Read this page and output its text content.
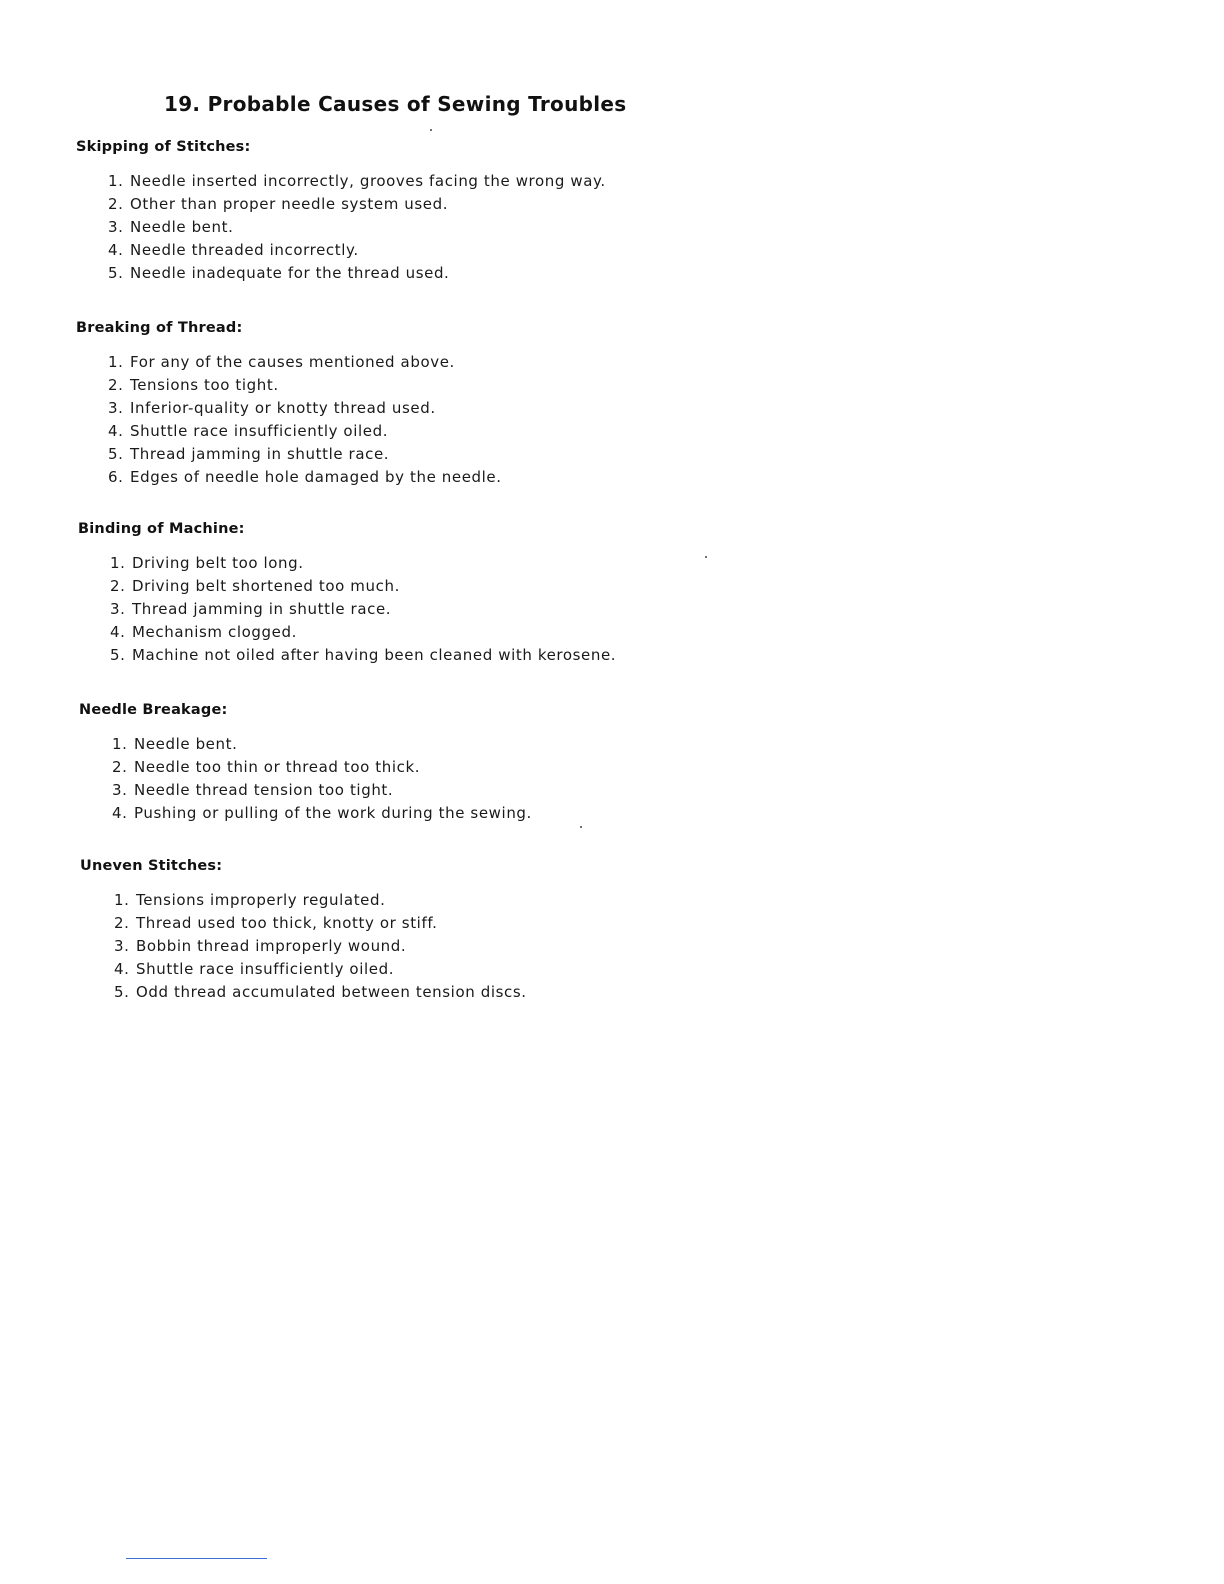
19. Probable Causes of Sewing Troubles
Skipping of Stitches:
1. Needle inserted incorrectly, grooves facing the wrong way.
2. Other than proper needle system used.
3. Needle bent.
4. Needle threaded incorrectly.
5. Needle inadequate for the thread used.
Breaking of Thread:
1. For any of the causes mentioned above.
2. Tensions too tight.
3. Inferior-quality or knotty thread used.
4. Shuttle race insufficiently oiled.
5. Thread jamming in shuttle race.
6. Edges of needle hole damaged by the needle.
Binding of Machine:
1. Driving belt too long.
2. Driving belt shortened too much.
3. Thread jamming in shuttle race.
4. Mechanism clogged.
5. Machine not oiled after having been cleaned with kerosene.
Needle Breakage:
1. Needle bent.
2. Needle too thin or thread too thick.
3. Needle thread tension too tight.
4. Pushing or pulling of the work during the sewing.
Uneven Stitches:
1. Tensions improperly regulated.
2. Thread used too thick, knotty or stiff.
3. Bobbin thread improperly wound.
4. Shuttle race insufficiently oiled.
5. Odd thread accumulated between tension discs.
